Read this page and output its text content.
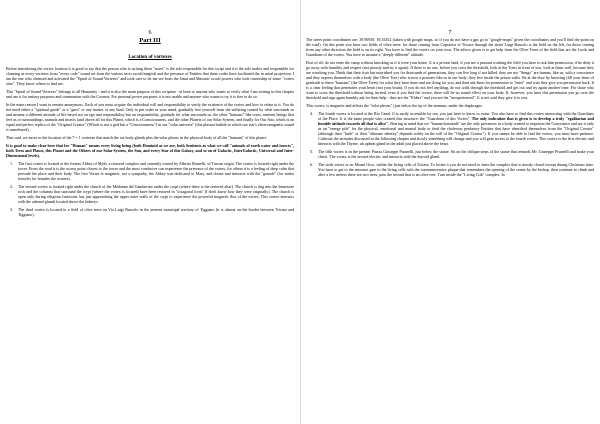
6
Part III
Location of vortexes

Before introducing the vortex location it is good to say that the person who is writing these "notes" is the sole responsible for this script and it is the sole maker and responsible for claiming as every vortexes from "every code" sound set from the various sects occult/magical and the presence of Entities that these codes have facilitated the in astral projection. I am the one who cleansed and activated the "Spiral of Sound Vortexes" and took care to let me see from the Janut and Masonic occult powers who took ownership of some "vortex sites". They know where to find me.

This "Spiral of Sound Vortexes" belongs to all Humanity - and it is also the main purpose of this scripture - at least to anyone who wants to verify what I am writing in this chapter and use it for unitary purposes and communion with the Cosmos. For personal power purposes it is not usable and anyone who wants to try it is free to do so.

In the main reason I want to remain anonymous. Each of you must acquire the individual will and responsibility to verify the existence of the vortex and how to relate to it. You do not need either a "spiritual guide" or a "guru" or any master of any kind. Only to put order in your mind, gradually free yourself from the suffering caused by what surrounds us and assume a different attitude of life based not on ego and responsibility but on responsibility, gratitude for what surrounds us: the other "humans" like roses, sentient beings that feel us or surroundings, animals and insects (and above all for this Planet, which is a Consciousness, and the other Planets of our Solar System, and finally for Our Star, which is an equal and perfect replica of the "Original Creator" (Which is not a god but a "Consciousness") in our "solar universe" (this plasma bubble in which our star's electromagnetic sound is manifested).

That said, we move to the location of the 7 + 1 vortexes that match the six body glands plus the solar plexus in the physical body of all the "humans" of this planet.

It is good to make clear here that for "Human" means every living being (both Hominid as we are, both Sentients as what we call "animals of earth water and insects", both Trees and Plants, this Planet and the Others of our Solar System, the Sun, and every Star of this Galaxy, and so on of Galactic, InterGalactic, Universal and Inter-Dimensional levels).

1. The first vortex is located at the former Abbey of Myth, a restored complex and currently owned by Alberto Brunelli, of Tuscan origin. The vortex is located right under the tower. From the road it is the access point closest to the tower and the most conducive can experience the presence of the vortex, for others it is a feeling of deep calm that pervade the place and their body. The first Vortex is magnetic, not a sympathy, the Abbey was dedicated to Mary, and cleans and interacts with the "gonads" (for males testicles for females the ovaries).
2. The second vortex is located right under the church of the Madonna del Gamberino under the crypt (where there is the restored altar). The church is dug into the limestone rock and the columns that surround the crypt (where the vortex is located) have been restored in "octagonal form" (I don't know how they were originally). The church is open only during religious functions, but just approaching the upper outer walls of the crypt to experience the powerful magnetic flux of the vortex. This vortex interacts with the adrenal glands located above the kidneys.
3. The third vortex is located in a field of olive trees on Via Luigi Rasoolo in the present municipal territory of Tiggiano (it is almost on the border between Tricase and Tiggiano).
7

The street point coordinates are: 39.90958, 18.35452 (taken with google maps, so if you do not have a gps go to "google-maps" given the coordinates and you'll find the point on the road). On this point you have two fields of olive trees: for those coming from Caprarica of Tricase through the street Luigi Rasoolo is the field on the left, for those coming from any other direction the field is on its right. You have to find the vortex on your own. The advice given is to get help from the Olive Trees of the field that are the Lords and Guardians of the vortex. You have to assume a "deeply different" attitude.

First of all, do not enter the camp without knocking as if it were your home. It is a private land, if you see a peasant working the field you have to ask him permission, if he deny it go away with humility and respect (not piously and try it again). If there is no one, before you cross the threshold, look at the Trees in front of you, look at them well, because they are watching you. Think that their fruit has nourished you for thousands of generations, they can live long if not killed, they are not "things" are human, like us, with a conscience and they express themselves with a body (the Olive Tree) who is now a prisoner like us in our body: they live inside the prison walls. Be at the door by knowing (fill your heart of gratitude to these "humans" (the Olive Trees) for what they have done and are doing for you, and then ask them for permission to "enter" and wait they give you permission back. It is a clear feeling that penetrates your heart (not your brain). If you do not feel anything, do not walk through the threshold and get out and try again another time. For those who want to cross the threshold without being invited, even if you find the vortex, there will be no sound effect on your body. If, however, you have this permission you go over the threshold and sign again humbly ask for their help - they are the "Elders" and you are the "inexperienced". It is not said they give it to you.

This vortex, is magnetic and affects the "solar plexus" (just below the tip of the sternum, under the diaphragm.

4. The fourth vortex is located at the Rio Canal. It is easily accessible by sea, you just have to know to swim. You also have to find this vortex interacting with the Guardians of the Place. It is the same people who created this structure: the "Guardians of this Vortex". The only indication that is given is to develop a truly "egalitarian and humble attitude towards all that is alive". Bearing in mind that we "human hominids" are the only presences in a body created to imprison the Conscience and are it only as an "energy pile" for the physical, emotional and mental body to feed the cholerous predatory Entities that have identified themselves from the "Original Creator" (although their "birth" or their "ultimate identity" depends solely on the will of the "Original Creator"). If you cannot be able to find the vortex, you must have patience. Cultivate the attitudes discussed in the following chapter and slowly something will change and you will gain access to the fourth vortex. This vortex is the first electric and interacts with the Thyme, uh upbeat gland in the adult just placed above the heart.
5. The fifth vortex is in the present Piazza Giuseppe Pisanelli, just below the statue. Sit on the oblique steps of the statue that reminds Mr. Giuseppe Pisanelli and make your check. The vortex is the second electric and interacts with the thyroid gland.
6. The sixth vortex is on Mount Orco, within the living cells of Tricase. To locate it you do not need to enter the complex that is mostly closed except during Christmas time. You have to get to the entrance gate to the living cells with the commemorative plaque that remembers the opening of the center by the bishop, then continue to climb and after a few meters there are two trees, pass the second that is an olive tree. Turn inside the "Living Crib" complex. In
